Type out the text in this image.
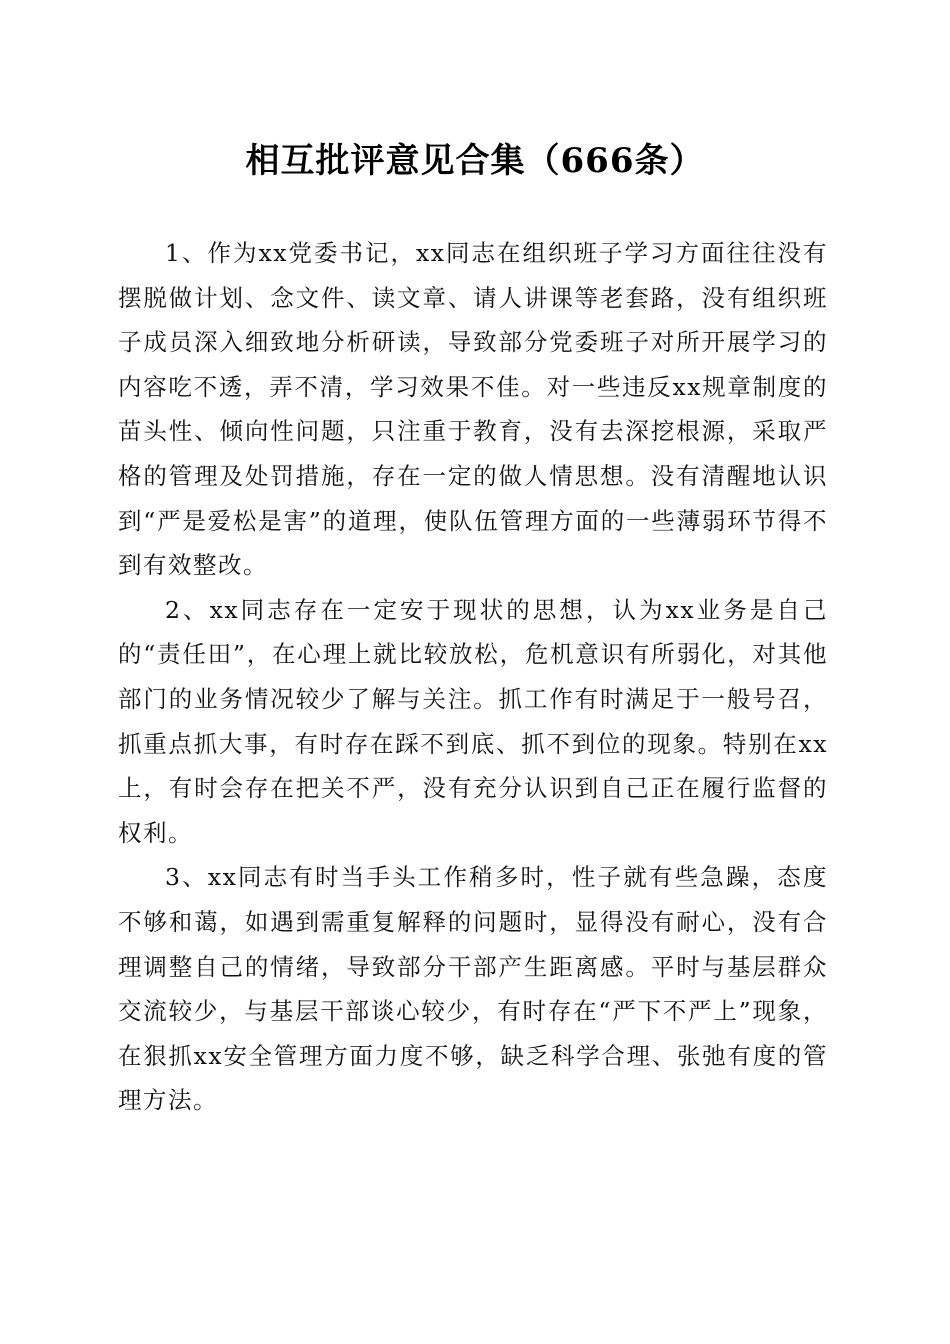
相互批评意见合集（666条）

1、作为xx党委书记，xx同志在组织班子学习方面往往没有摆脱做计划、念文件、读文章、请人讲课等老套路，没有组织班子成员深入细致地分析研读，导致部分党委班子对所开展学习的内容吃不透，弄不清，学习效果不佳。对一些违反xx规章制度的苗头性、倾向性问题，只注重于教育，没有去深挖根源，采取严格的管理及处罚措施，存在一定的做人情思想。没有清醒地认识到“严是爱松是害”的道理，使队伍管理方面的一些薄弱环节得不到有效整改。

2、xx同志存在一定安于现状的思想，认为xx业务是自己的“责任田”，在心理上就比较放松，危机意识有所弱化，对其他部门的业务情况较少了解与关注。抓工作有时满足于一般号召，抓重点抓大事，有时存在踩不到底、抓不到位的现象。特别在xx上，有时会存在把关不严，没有充分认识到自己正在履行监督的权利。

3、xx同志有时当手头工作稍多时，性子就有些急躁，态度不够和蔼，如遇到需重复解释的问题时，显得没有耐心，没有合理调整自己的情绪，导致部分干部产生距离感。平时与基层群众交流较少，与基层干部谈心较少，有时存在“严下不严上”现象，在狠抓xx安全管理方面力度不够，缺乏科学合理、张弛有度的管理方法。
